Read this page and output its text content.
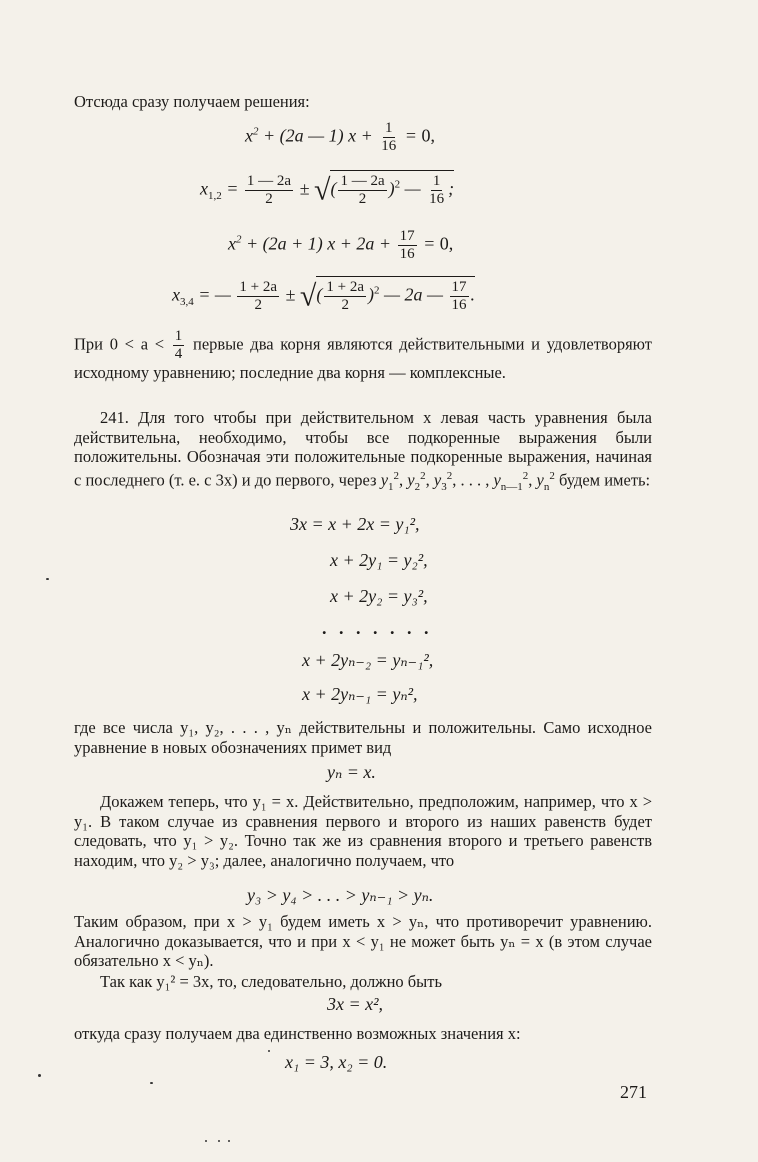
Отсюда сразу получаем решения:
$x^2 + (2a$ — 1) $x + \frac{1}{16} = 0$,
$x_{1,2} = \frac{1 — 2a}{2}$ ± √( $\frac{1 — 2a}{2} )^2$ — $\frac{1}{16}$ ;
$x^2 + (2a + 1) x + 2a + \frac{17}{16} = 0$,
$x_{3,4}$ = — $\frac{1 + 2a}{2}$ ± √( $\frac{1 + 2a}{2} )^2$ — 2a — $\frac{17}{16}$ .
При $0 < a < \frac{1}{4}$ первые два корня являются действительными и удовлетворяют исходному уравнению; последние два корня — комплексные.
241. Для того чтобы при действительном x левая часть уравнения была действительна, необходимо, чтобы все подкоренные выражения были положительны. Обозначая эти положительные подкоренные выражения, начиная с последнего (т. е. с 3x) и до первого, через $y_1^2$, $y_2^2$, $y_3^2$, . . . , $y_{n—1}^2$, $y_n^2$ будем иметь:
3x = x + 2x = y₁²,
x + 2y₁ = y₂²,
x + 2y₂ = y₃²,
. . . . . . .
x + 2yₙ₋₂ = yₙ₋₁²,
x + 2yₙ₋₁ = yₙ²,
где все числа y₁, y₂, . . . , yₙ действительны и положительны. Само исходное уравнение в новых обозначениях примет вид
yₙ = x.
Докажем теперь, что y₁ = x. Действительно, предположим, например, что x > y₁. В таком случае из сравнения первого и второго из наших равенств будет следовать, что y₁ > y₂. Точно так же из сравнения второго и третьего равенств находим, что y₂ > y₃; далее, аналогично получаем, что
y₃ > y₄ > . . . > yₙ₋₁ > yₙ.
Таким образом, при x > y₁ будем иметь x > yₙ, что противоречит уравнению. Аналогично доказывается, что и при x < y₁ не может быть yₙ = x (в этом случае обязательно x < yₙ).
Так как y₁² = 3x, то, следовательно, должно быть
3x = x²,
откуда сразу получаем два единственно возможных значения x:
x₁ = 3, x₂ = 0.
271
